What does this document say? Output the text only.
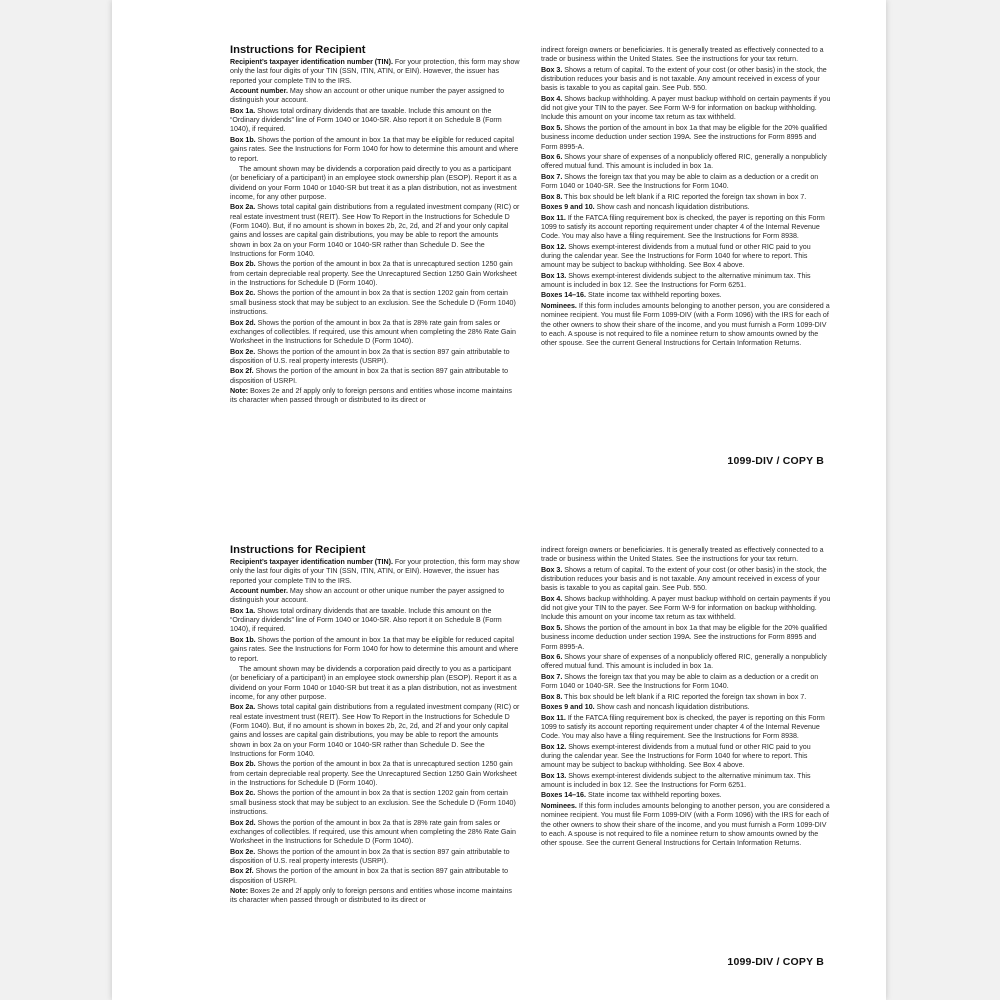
Instructions for Recipient
Recipient’s taxpayer identification number (TIN). For your protection, this form may show only the last four digits of your TIN (SSN, ITIN, ATIN, or EIN). However, the issuer has reported your complete TIN to the IRS.
Account number. May show an account or other unique number the payer assigned to distinguish your account.
Box 1a. Shows total ordinary dividends that are taxable. Include this amount on the “Ordinary dividends” line of Form 1040 or 1040-SR. Also report it on Schedule B (Form 1040), if required.
Box 1b. Shows the portion of the amount in box 1a that may be eligible for reduced capital gains rates. See the Instructions for Form 1040 for how to determine this amount and where to report.
The amount shown may be dividends a corporation paid directly to you as a participant (or beneficiary of a participant) in an employee stock ownership plan (ESOP). Report it as a dividend on your Form 1040 or 1040-SR but treat it as a plan distribution, not as investment income, for any other purpose.
Box 2a. Shows total capital gain distributions from a regulated investment company (RIC) or real estate investment trust (REIT). See How To Report in the Instructions for Schedule D (Form 1040). But, if no amount is shown in boxes 2b, 2c, 2d, and 2f and your only capital gains and losses are capital gain distributions, you may be able to report the amounts shown in box 2a on your Form 1040 or 1040-SR rather than Schedule D. See the Instructions for Form 1040.
Box 2b. Shows the portion of the amount in box 2a that is unrecaptured section 1250 gain from certain depreciable real property. See the Unrecaptured Section 1250 Gain Worksheet in the Instructions for Schedule D (Form 1040).
Box 2c. Shows the portion of the amount in box 2a that is section 1202 gain from certain small business stock that may be subject to an exclusion. See the Schedule D (Form 1040) instructions.
Box 2d. Shows the portion of the amount in box 2a that is 28% rate gain from sales or exchanges of collectibles. If required, use this amount when completing the 28% Rate Gain Worksheet in the Instructions for Schedule D (Form 1040).
Box 2e. Shows the portion of the amount in box 2a that is section 897 gain attributable to disposition of U.S. real property interests (USRPI).
Box 2f. Shows the portion of the amount in box 2a that is section 897 gain attributable to disposition of USRPI.
Note: Boxes 2e and 2f apply only to foreign persons and entities whose income maintains its character when passed through or distributed to its direct or
indirect foreign owners or beneficiaries. It is generally treated as effectively connected to a trade or business within the United States. See the instructions for your tax return.
Box 3. Shows a return of capital. To the extent of your cost (or other basis) in the stock, the distribution reduces your basis and is not taxable. Any amount received in excess of your basis is taxable to you as capital gain. See Pub. 550.
Box 4. Shows backup withholding. A payer must backup withhold on certain payments if you did not give your TIN to the payer. See Form W-9 for information on backup withholding. Include this amount on your income tax return as tax withheld.
Box 5. Shows the portion of the amount in box 1a that may be eligible for the 20% qualified business income deduction under section 199A. See the instructions for Form 8995 and Form 8995-A.
Box 6. Shows your share of expenses of a nonpublicly offered RIC, generally a nonpublicly offered mutual fund. This amount is included in box 1a.
Box 7. Shows the foreign tax that you may be able to claim as a deduction or a credit on Form 1040 or 1040-SR. See the Instructions for Form 1040.
Box 8. This box should be left blank if a RIC reported the foreign tax shown in box 7.
Boxes 9 and 10. Show cash and noncash liquidation distributions.
Box 11. If the FATCA filing requirement box is checked, the payer is reporting on this Form 1099 to satisfy its account reporting requirement under chapter 4 of the Internal Revenue Code. You may also have a filing requirement. See the Instructions for Form 8938.
Box 12. Shows exempt-interest dividends from a mutual fund or other RIC paid to you during the calendar year. See the Instructions for Form 1040 for where to report. This amount may be subject to backup withholding. See Box 4 above.
Box 13. Shows exempt-interest dividends subject to the alternative minimum tax. This amount is included in box 12. See the Instructions for Form 6251.
Boxes 14–16. State income tax withheld reporting boxes.
Nominees. If this form includes amounts belonging to another person, you are considered a nominee recipient. You must file Form 1099-DIV (with a Form 1096) with the IRS for each of the other owners to show their share of the income, and you must furnish a Form 1099-DIV to each. A spouse is not required to file a nominee return to show amounts owned by the other spouse. See the current General Instructions for Certain Information Returns.
1099-DIV / COPY B
Instructions for Recipient
Recipient’s taxpayer identification number (TIN). For your protection, this form may show only the last four digits of your TIN (SSN, ITIN, ATIN, or EIN). However, the issuer has reported your complete TIN to the IRS.
Account number. May show an account or other unique number the payer assigned to distinguish your account.
Box 1a. Shows total ordinary dividends that are taxable. Include this amount on the “Ordinary dividends” line of Form 1040 or 1040-SR. Also report it on Schedule B (Form 1040), if required.
Box 1b. Shows the portion of the amount in box 1a that may be eligible for reduced capital gains rates. See the Instructions for Form 1040 for how to determine this amount and where to report.
The amount shown may be dividends a corporation paid directly to you as a participant (or beneficiary of a participant) in an employee stock ownership plan (ESOP). Report it as a dividend on your Form 1040 or 1040-SR but treat it as a plan distribution, not as investment income, for any other purpose.
Box 2a. Shows total capital gain distributions from a regulated investment company (RIC) or real estate investment trust (REIT). See How To Report in the Instructions for Schedule D (Form 1040). But, if no amount is shown in boxes 2b, 2c, 2d, and 2f and your only capital gains and losses are capital gain distributions, you may be able to report the amounts shown in box 2a on your Form 1040 or 1040-SR rather than Schedule D. See the Instructions for Form 1040.
Box 2b. Shows the portion of the amount in box 2a that is unrecaptured section 1250 gain from certain depreciable real property. See the Unrecaptured Section 1250 Gain Worksheet in the Instructions for Schedule D (Form 1040).
Box 2c. Shows the portion of the amount in box 2a that is section 1202 gain from certain small business stock that may be subject to an exclusion. See the Schedule D (Form 1040) instructions.
Box 2d. Shows the portion of the amount in box 2a that is 28% rate gain from sales or exchanges of collectibles. If required, use this amount when completing the 28% Rate Gain Worksheet in the Instructions for Schedule D (Form 1040).
Box 2e. Shows the portion of the amount in box 2a that is section 897 gain attributable to disposition of U.S. real property interests (USRPI).
Box 2f. Shows the portion of the amount in box 2a that is section 897 gain attributable to disposition of USRPI.
Note: Boxes 2e and 2f apply only to foreign persons and entities whose income maintains its character when passed through or distributed to its direct or
indirect foreign owners or beneficiaries. It is generally treated as effectively connected to a trade or business within the United States. See the instructions for your tax return.
Box 3. Shows a return of capital. To the extent of your cost (or other basis) in the stock, the distribution reduces your basis and is not taxable. Any amount received in excess of your basis is taxable to you as capital gain. See Pub. 550.
Box 4. Shows backup withholding. A payer must backup withhold on certain payments if you did not give your TIN to the payer. See Form W-9 for information on backup withholding. Include this amount on your income tax return as tax withheld.
Box 5. Shows the portion of the amount in box 1a that may be eligible for the 20% qualified business income deduction under section 199A. See the instructions for Form 8995 and Form 8995-A.
Box 6. Shows your share of expenses of a nonpublicly offered RIC, generally a nonpublicly offered mutual fund. This amount is included in box 1a.
Box 7. Shows the foreign tax that you may be able to claim as a deduction or a credit on Form 1040 or 1040-SR. See the Instructions for Form 1040.
Box 8. This box should be left blank if a RIC reported the foreign tax shown in box 7.
Boxes 9 and 10. Show cash and noncash liquidation distributions.
Box 11. If the FATCA filing requirement box is checked, the payer is reporting on this Form 1099 to satisfy its account reporting requirement under chapter 4 of the Internal Revenue Code. You may also have a filing requirement. See the Instructions for Form 8938.
Box 12. Shows exempt-interest dividends from a mutual fund or other RIC paid to you during the calendar year. See the Instructions for Form 1040 for where to report. This amount may be subject to backup withholding. See Box 4 above.
Box 13. Shows exempt-interest dividends subject to the alternative minimum tax. This amount is included in box 12. See the Instructions for Form 6251.
Boxes 14–16. State income tax withheld reporting boxes.
Nominees. If this form includes amounts belonging to another person, you are considered a nominee recipient. You must file Form 1099-DIV (with a Form 1096) with the IRS for each of the other owners to show their share of the income, and you must furnish a Form 1099-DIV to each. A spouse is not required to file a nominee return to show amounts owned by the other spouse. See the current General Instructions for Certain Information Returns.
1099-DIV / COPY B
